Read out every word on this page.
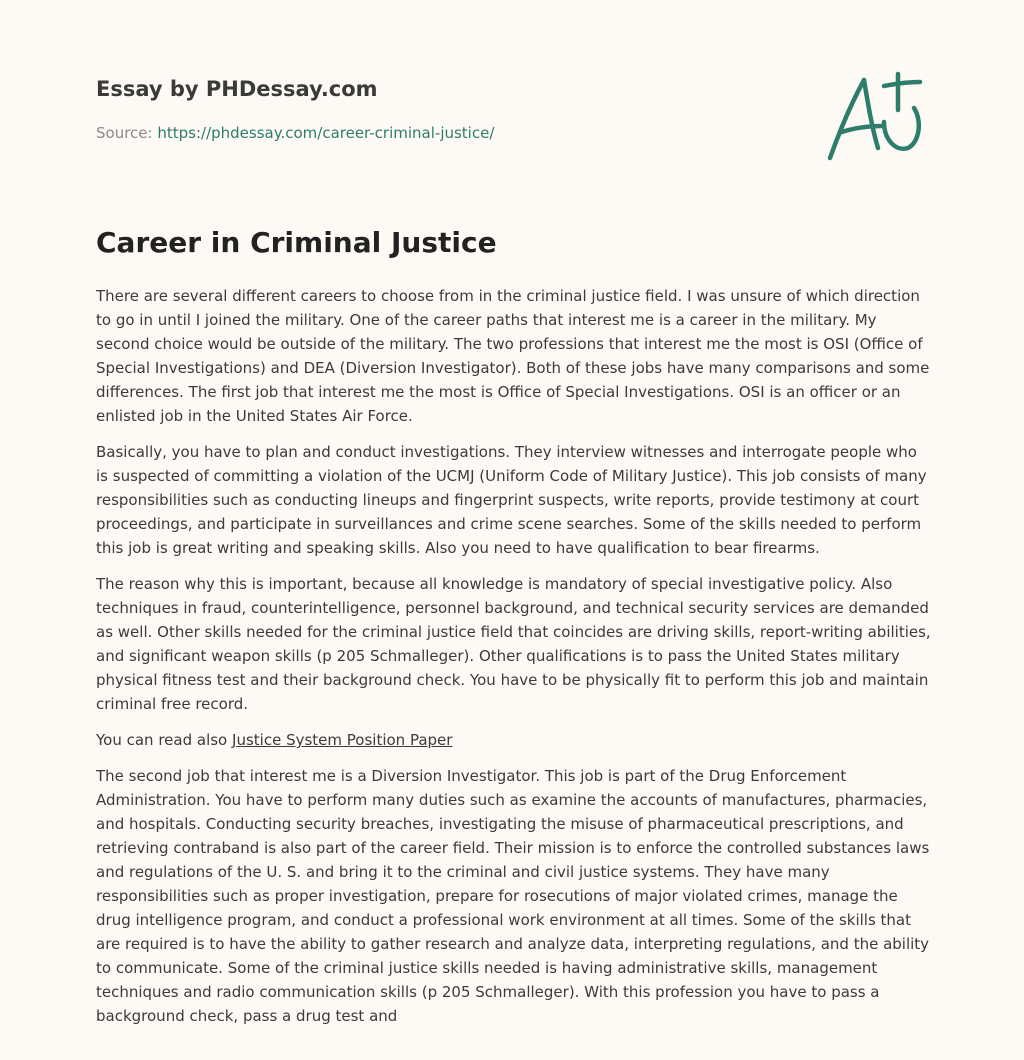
Essay by PHDessay.com
Source: https://phdessay.com/career-criminal-justice/
Career in Criminal Justice

There are several different careers to choose from in the criminal justice field. I was unsure of which direction to go in until I joined the military. One of the career paths that interest me is a career in the military. My second choice would be outside of the military. The two professions that interest me the most is OSI (Office of Special Investigations) and DEA (Diversion Investigator). Both of these jobs have many comparisons and some differences. The first job that interest me the most is Office of Special Investigations. OSI is an officer or an enlisted job in the United States Air Force.

Basically, you have to plan and conduct investigations. They interview witnesses and interrogate people who is suspected of committing a violation of the UCMJ (Uniform Code of Military Justice). This job consists of many responsibilities such as conducting lineups and fingerprint suspects, write reports, provide testimony at court proceedings, and participate in surveillances and crime scene searches. Some of the skills needed to perform this job is great writing and speaking skills. Also you need to have qualification to bear firearms.

The reason why this is important, because all knowledge is mandatory of special investigative policy. Also techniques in fraud, counterintelligence, personnel background, and technical security services are demanded as well. Other skills needed for the criminal justice field that coincides are driving skills, report-writing abilities, and significant weapon skills (p 205 Schmalleger). Other qualifications is to pass the United States military physical fitness test and their background check. You have to be physically fit to perform this job and maintain criminal free record.

You can read also Justice System Position Paper

The second job that interest me is a Diversion Investigator. This job is part of the Drug Enforcement Administration. You have to perform many duties such as examine the accounts of manufactures, pharmacies, and hospitals. Conducting security breaches, investigating the misuse of pharmaceutical prescriptions, and retrieving contraband is also part of the career field. Their mission is to enforce the controlled substances laws and regulations of the U. S. and bring it to the criminal and civil justice systems. They have many responsibilities such as proper investigation, prepare for rosecutions of major violated crimes, manage the drug intelligence program, and conduct a professional work environment at all times. Some of the skills that are required is to have the ability to gather research and analyze data, interpreting regulations, and the ability to communicate. Some of the criminal justice skills needed is having administrative skills, management techniques and radio communication skills (p 205 Schmalleger). With this profession you have to pass a background check, pass a drug test and
